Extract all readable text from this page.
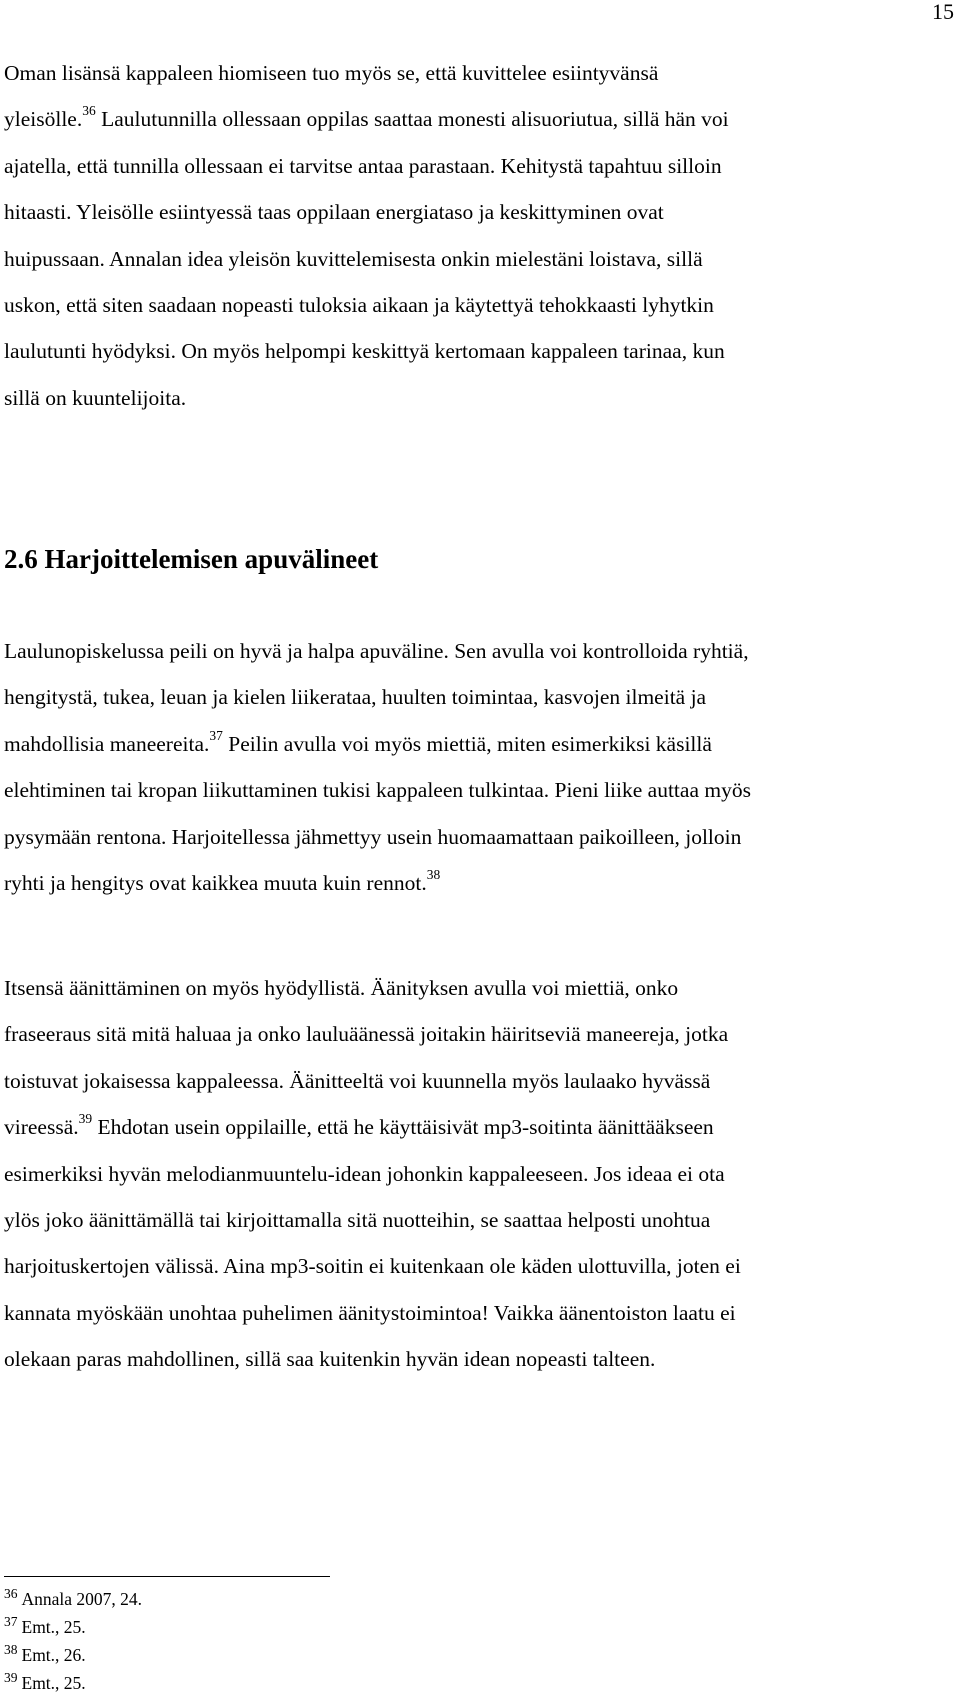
15

Oman lisänsä kappaleen hiomiseen tuo myös se, että kuvittelee esiintyvänsä
yleisölle.$^{36}$ Laulutunnilla ollessaan oppilas saattaa monesti alisuoriutua, sillä hän voi
ajatella, että tunnilla ollessaan ei tarvitse antaa parastaan. Kehitystä tapahtuu silloin
hitaasti. Yleisölle esiintyessä taas oppilaan energiataso ja keskittyminen ovat
huipussaan. Annalan idea yleisön kuvittelemisesta onkin mielestäni loistava, sillä
uskon, että siten saadaan nopeasti tuloksia aikaan ja käytettyä tehokkaasti lyhytkin
laulutunti hyödyksi. On myös helpompi keskittyä kertomaan kappaleen tarinaa, kun
sillä on kuuntelijoita.

2.6 Harjoittelemisen apuvälineet

Laulunopiskelussa peili on hyvä ja halpa apuväline. Sen avulla voi kontrolloida ryhtiä,
hengitystä, tukea, leuan ja kielen liikerataa, huulten toimintaa, kasvojen ilmeitä ja
mahdollisia maneereita.$^{37}$ Peilin avulla voi myös miettiä, miten esimerkiksi käsillä
elehtiminen tai kropan liikuttaminen tukisi kappaleen tulkintaa. Pieni liike auttaa myös
pysymään rentona. Harjoitellessa jähmettyy usein huomaamattaan paikoilleen, jolloin
ryhti ja hengitys ovat kaikkea muuta kuin rennot.$^{38}$

Itsensä äänittäminen on myös hyödyllistä. Äänityksen avulla voi miettiä, onko
fraseeraus sitä mitä haluaa ja onko lauluäänessä joitakin häiritseviä maneereja, jotka
toistuvat jokaisessa kappaleessa. Äänitteeltä voi kuunnella myös laulaako hyvässä
vireessä.$^{39}$ Ehdotan usein oppilaille, että he käyttäisivät mp3-soitinta äänittääkseen
esimerkiksi hyvän melodianmuuntelu-idean johonkin kappaleeseen. Jos ideaa ei ota
ylös joko äänittämällä tai kirjoittamalla sitä nuotteihin, se saattaa helposti unohtua
harjoituskertojen välissä. Aina mp3-soitin ei kuitenkaan ole käden ulottuvilla, joten ei
kannata myöskään unohtaa puhelimen äänitystoimintoa! Vaikka äänentoiston laatu ei
olekaan paras mahdollinen, sillä saa kuitenkin hyvän idean nopeasti talteen.

$^{36}$ Annala 2007, 24.
$^{37}$ Emt., 25.
$^{38}$ Emt., 26.
$^{39}$ Emt., 25.
